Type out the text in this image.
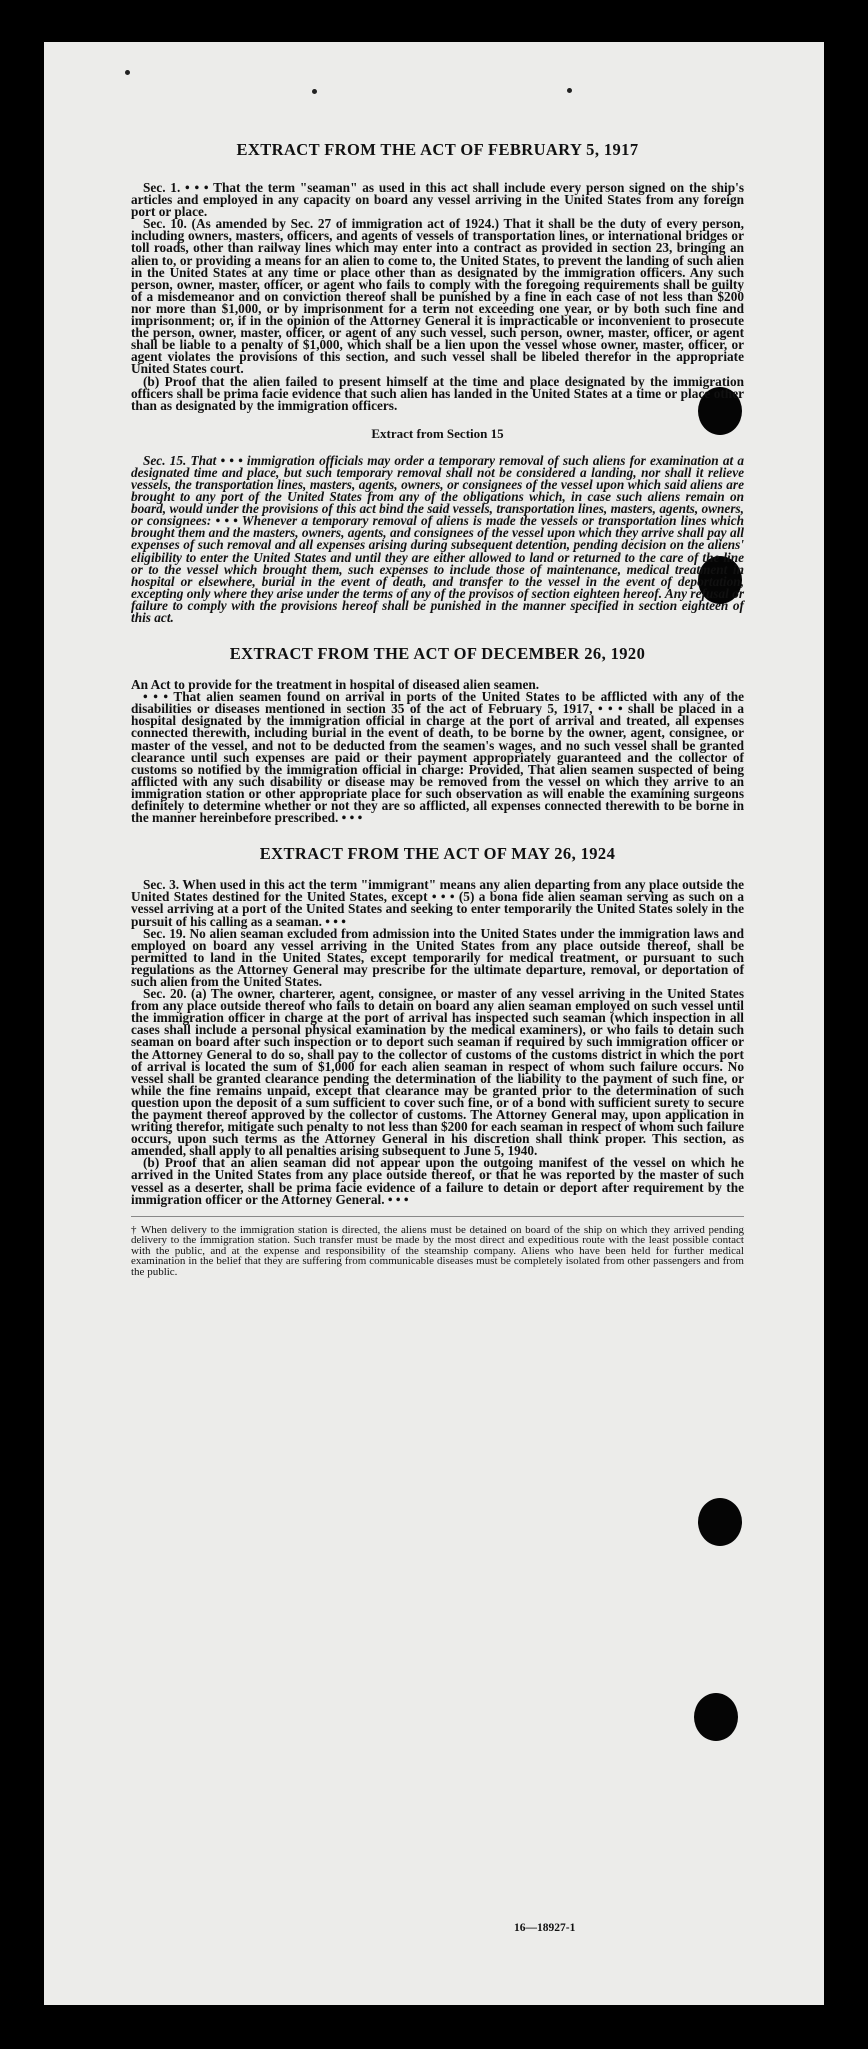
EXTRACT FROM THE ACT OF FEBRUARY 5, 1917

Sec. 1. • • • That the term "seaman" as used in this act shall include every person signed on the ship's articles and employed in any capacity on board any vessel arriving in the United States from any foreign port or place.

Sec. 10. (As amended by Sec. 27 of immigration act of 1924.) That it shall be the duty of every person, including owners, masters, officers, and agents of vessels of transportation lines, or international bridges or toll roads, other than railway lines which may enter into a contract as provided in section 23, bringing an alien to, or providing a means for an alien to come to, the United States, to prevent the landing of such alien in the United States at any time or place other than as designated by the immigration officers. Any such person, owner, master, officer, or agent who fails to comply with the foregoing requirements shall be guilty of a misdemeanor and on conviction thereof shall be punished by a fine in each case of not less than $200 nor more than $1,000, or by imprisonment for a term not exceeding one year, or by both such fine and imprisonment; or, if in the opinion of the Attorney General it is impracticable or inconvenient to prosecute the person, owner, master, officer, or agent of any such vessel, such person, owner, master, officer, or agent shall be liable to a penalty of $1,000, which shall be a lien upon the vessel whose owner, master, officer, or agent violates the provisions of this section, and such vessel shall be libeled therefor in the appropriate United States court.

(b) Proof that the alien failed to present himself at the time and place designated by the immigration officers shall be prima facie evidence that such alien has landed in the United States at a time or place other than as designated by the immigration officers.

Extract from Section 15

Sec. 15. That • • • immigration officials may order a temporary removal of such aliens for examination at a designated time and place, but such temporary removal shall not be considered a landing, nor shall it relieve vessels, the transportation lines, masters, agents, owners, or consignees of the vessel upon which said aliens are brought to any port of the United States from any of the obligations which, in case such aliens remain on board, would under the provisions of this act bind the said vessels, transportation lines, masters, agents, owners, or consignees: • • • Whenever a temporary removal of aliens is made the vessels or transportation lines which brought them and the masters, owners, agents, and consignees of the vessel upon which they arrive shall pay all expenses of such removal and all expenses arising during subsequent detention, pending decision on the aliens' eligibility to enter the United States and until they are either allowed to land or returned to the care of the line or to the vessel which brought them, such expenses to include those of maintenance, medical treatment in hospital or elsewhere, burial in the event of death, and transfer to the vessel in the event of deportation, excepting only where they arise under the terms of any of the provisos of section eighteen hereof. Any refusal or failure to comply with the provisions hereof shall be punished in the manner specified in section eighteen of this act.

EXTRACT FROM THE ACT OF DECEMBER 26, 1920

An Act to provide for the treatment in hospital of diseased alien seamen.

• • • That alien seamen found on arrival in ports of the United States to be afflicted with any of the disabilities or diseases mentioned in section 35 of the act of February 5, 1917, • • • shall be placed in a hospital designated by the immigration official in charge at the port of arrival and treated, all expenses connected therewith, including burial in the event of death, to be borne by the owner, agent, consignee, or master of the vessel, and not to be deducted from the seamen's wages, and no such vessel shall be granted clearance until such expenses are paid or their payment appropriately guaranteed and the collector of customs so notified by the immigration official in charge: Provided, That alien seamen suspected of being afflicted with any such disability or disease may be removed from the vessel on which they arrive to an immigration station or other appropriate place for such observation as will enable the examining surgeons definitely to determine whether or not they are so afflicted, all expenses connected therewith to be borne in the manner hereinbefore prescribed. • • •

EXTRACT FROM THE ACT OF MAY 26, 1924

Sec. 3. When used in this act the term "immigrant" means any alien departing from any place outside the United States destined for the United States, except • • • (5) a bona fide alien seaman serving as such on a vessel arriving at a port of the United States and seeking to enter temporarily the United States solely in the pursuit of his calling as a seaman. • • •

Sec. 19. No alien seaman excluded from admission into the United States under the immigration laws and employed on board any vessel arriving in the United States from any place outside thereof, shall be permitted to land in the United States, except temporarily for medical treatment, or pursuant to such regulations as the Attorney General may prescribe for the ultimate departure, removal, or deportation of such alien from the United States.

Sec. 20. (a) The owner, charterer, agent, consignee, or master of any vessel arriving in the United States from any place outside thereof who fails to detain on board any alien seaman employed on such vessel until the immigration officer in charge at the port of arrival has inspected such seaman (which inspection in all cases shall include a personal physical examination by the medical examiners), or who fails to detain such seaman on board after such inspection or to deport such seaman if required by such immigration officer or the Attorney General to do so, shall pay to the collector of customs of the customs district in which the port of arrival is located the sum of $1,000 for each alien seaman in respect of whom such failure occurs. No vessel shall be granted clearance pending the determination of the liability to the payment of such fine, or while the fine remains unpaid, except that clearance may be granted prior to the determination of such question upon the deposit of a sum sufficient to cover such fine, or of a bond with sufficient surety to secure the payment thereof approved by the collector of customs. The Attorney General may, upon application in writing therefor, mitigate such penalty to not less than $200 for each seaman in respect of whom such failure occurs, upon such terms as the Attorney General in his discretion shall think proper. This section, as amended, shall apply to all penalties arising subsequent to June 5, 1940.

(b) Proof that an alien seaman did not appear upon the outgoing manifest of the vessel on which he arrived in the United States from any place outside thereof, or that he was reported by the master of such vessel as a deserter, shall be prima facie evidence of a failure to detain or deport after requirement by the immigration officer or the Attorney General. • • •

† When delivery to the immigration station is directed, the aliens must be detained on board of the ship on which they arrived pending delivery to the immigration station. Such transfer must be made by the most direct and expeditious route with the least possible contact with the public, and at the expense and responsibility of the steamship company. Aliens who have been held for further medical examination in the belief that they are suffering from communicable diseases must be completely isolated from other passengers and from the public.

16—18927-1
